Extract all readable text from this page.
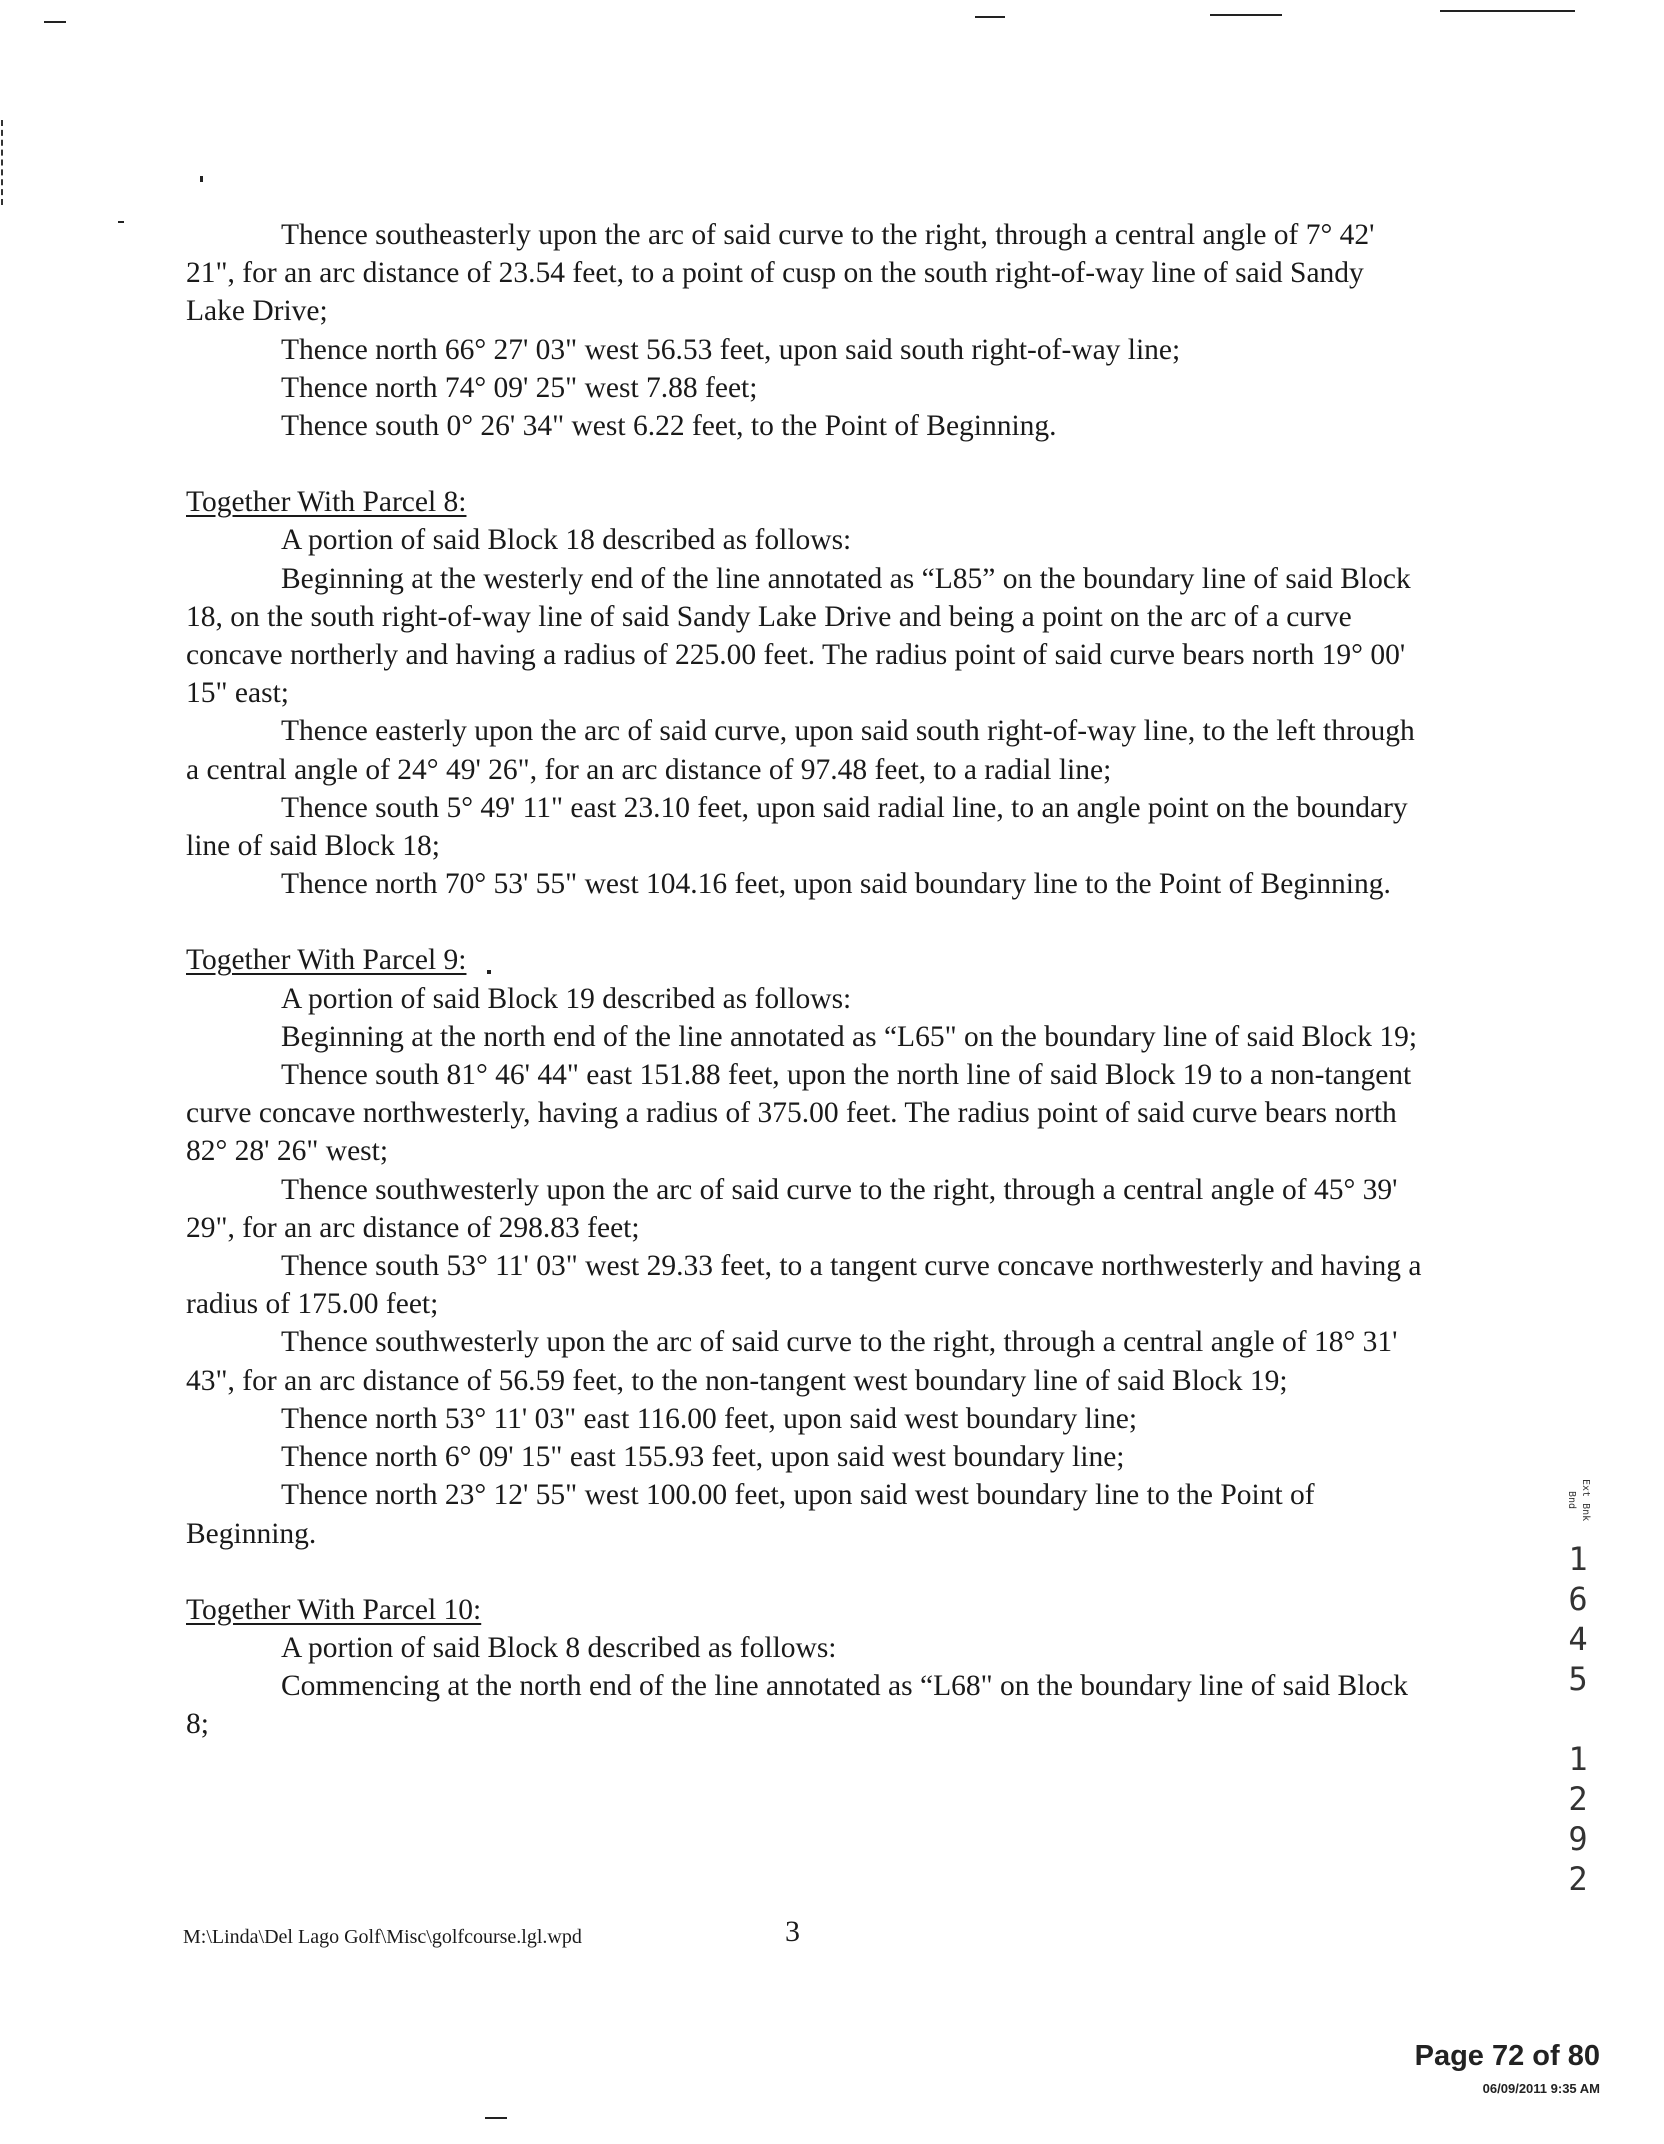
Thence southeasterly upon the arc of said curve to the right, through a central angle of 7° 42' 21", for an arc distance of 23.54 feet, to a point of cusp on the south right-of-way line of said Sandy Lake Drive;

Thence north 66° 27' 03" west 56.53 feet, upon said south right-of-way line;

Thence north 74° 09' 25" west 7.88 feet;

Thence south 0° 26' 34" west 6.22 feet, to the Point of Beginning.

Together With Parcel 8:

A portion of said Block 18 described as follows:

Beginning at the westerly end of the line annotated as “L85” on the boundary line of said Block 18, on the south right-of-way line of said Sandy Lake Drive and being a point on the arc of a curve concave northerly and having a radius of 225.00 feet. The radius point of said curve bears north 19° 00' 15" east;

Thence easterly upon the arc of said curve, upon said south right-of-way line, to the left through a central angle of 24° 49' 26", for an arc distance of 97.48 feet, to a radial line;

Thence south 5° 49' 11" east 23.10 feet, upon said radial line, to an angle point on the boundary line of said Block 18;

Thence north 70° 53' 55" west 104.16 feet, upon said boundary line to the Point of Beginning.

Together With Parcel 9:

A portion of said Block 19 described as follows:

Beginning at the north end of the line annotated as “L65" on the boundary line of said Block 19;

Thence south 81° 46' 44" east 151.88 feet, upon the north line of said Block 19 to a non-tangent curve concave northwesterly, having a radius of 375.00 feet. The radius point of said curve bears north 82° 28' 26" west;

Thence southwesterly upon the arc of said curve to the right, through a central angle of 45° 39' 29", for an arc distance of 298.83 feet;

Thence south 53° 11' 03" west 29.33 feet, to a tangent curve concave northwesterly and having a radius of 175.00 feet;

Thence southwesterly upon the arc of said curve to the right, through a central angle of 18° 31' 43", for an arc distance of 56.59 feet, to the non-tangent west boundary line of said Block 19;

Thence north 53° 11' 03" east 116.00 feet, upon said west boundary line;

Thence north 6° 09' 15" east 155.93 feet, upon said west boundary line;

Thence north 23° 12' 55" west 100.00 feet, upon said west boundary line to the Point of Beginning.

Together With Parcel 10:

A portion of said Block 8 described as follows:

Commencing at the north end of the line annotated as “L68" on the boundary line of said Block 8;

M:\Linda\Del Lago Golf\Misc\golfcourse.lgl.wpd	3
Ext Bnk Bnd
1
6
4
5
1
2
9
2
Page 72 of 80
06/09/2011 9:35 AM
